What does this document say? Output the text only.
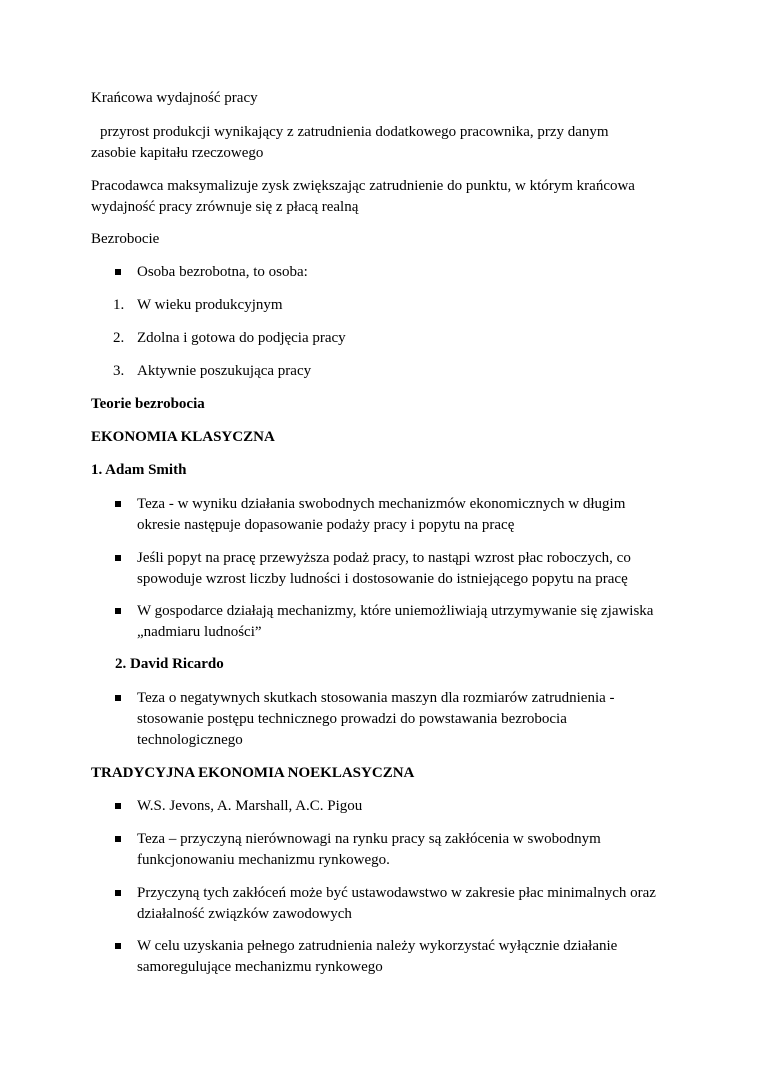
Krańcowa wydajność pracy
przyrost produkcji wynikający z zatrudnienia dodatkowego pracownika, przy danym
zasobie kapitału rzeczowego
Pracodawca maksymalizuje zysk zwiększając zatrudnienie do punktu, w którym krańcowa
wydajność pracy zrównuje się z płacą realną
Bezrobocie
Osoba bezrobotna, to osoba:
1. W wieku produkcyjnym
2. Zdolna i gotowa do podjęcia pracy
3. Aktywnie poszukująca pracy
Teorie bezrobocia
EKONOMIA KLASYCZNA
1. Adam Smith
Teza - w wyniku działania swobodnych mechanizmów ekonomicznych w długim
okresie następuje dopasowanie podaży pracy i popytu na pracę
Jeśli popyt na pracę przewyższa podaż pracy, to nastąpi wzrost płac roboczych, co
spowoduje wzrost liczby ludności i dostosowanie do istniejącego popytu na pracę
W gospodarce działają mechanizmy, które uniemożliwiają utrzymywanie się zjawiska
„nadmiaru ludności”
2. David Ricardo
Teza o negatywnych skutkach stosowania maszyn dla rozmiarów zatrudnienia -
stosowanie postępu technicznego prowadzi do powstawania bezrobocia
technologicznego
TRADYCYJNA EKONOMIA NOEKLASYCZNA
W.S. Jevons, A. Marshall, A.C. Pigou
Teza – przyczyną nierównowagi na rynku pracy są zakłócenia w swobodnym
funkcjonowaniu mechanizmu rynkowego.
Przyczyną tych zakłóceń może być ustawodawstwo w zakresie płac minimalnych oraz
działalność związków zawodowych
W celu uzyskania pełnego zatrudnienia należy wykorzystać wyłącznie działanie
samoregulujące mechanizmu rynkowego
